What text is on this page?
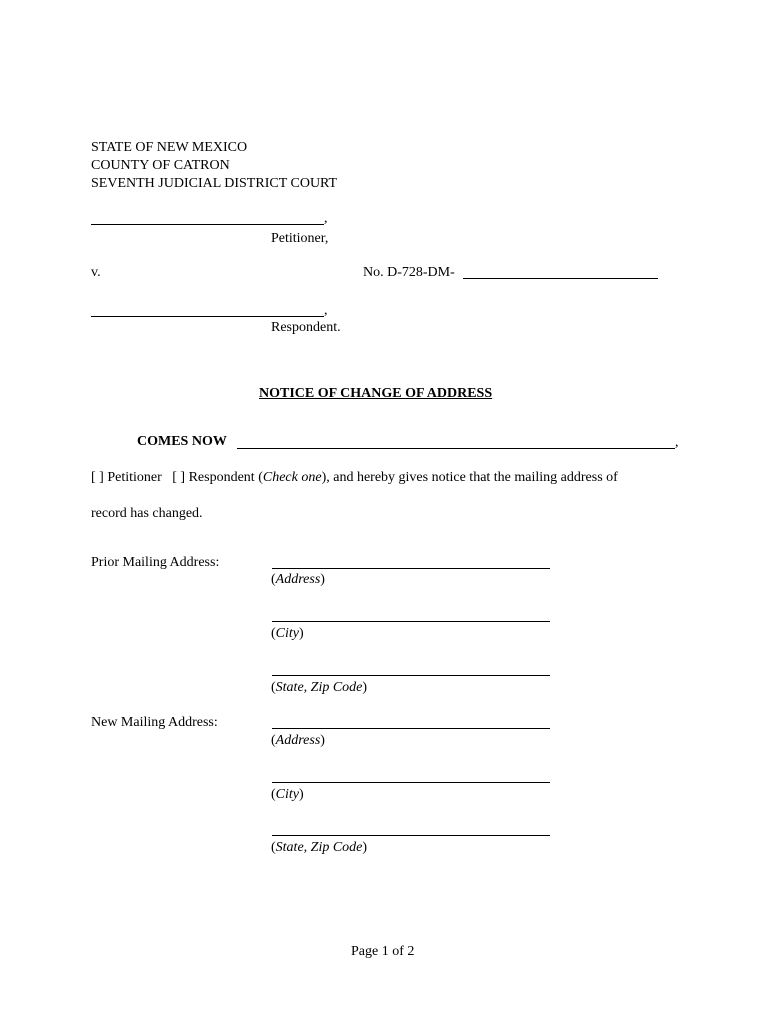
STATE OF NEW MEXICO
COUNTY OF CATRON
SEVENTH JUDICIAL DISTRICT COURT
,
Petitioner,
v.	No. D-728-DM-
,
Respondent.
NOTICE OF CHANGE OF ADDRESS
COMES NOW	,
[ ] Petitioner [ ] Respondent (Check one), and hereby gives notice that the mailing address of
record has changed.
Prior Mailing Address:
(Address)
(City)
(State, Zip Code)
New Mailing Address:
(Address)
(City)
(State, Zip Code)
Page 1 of 2
